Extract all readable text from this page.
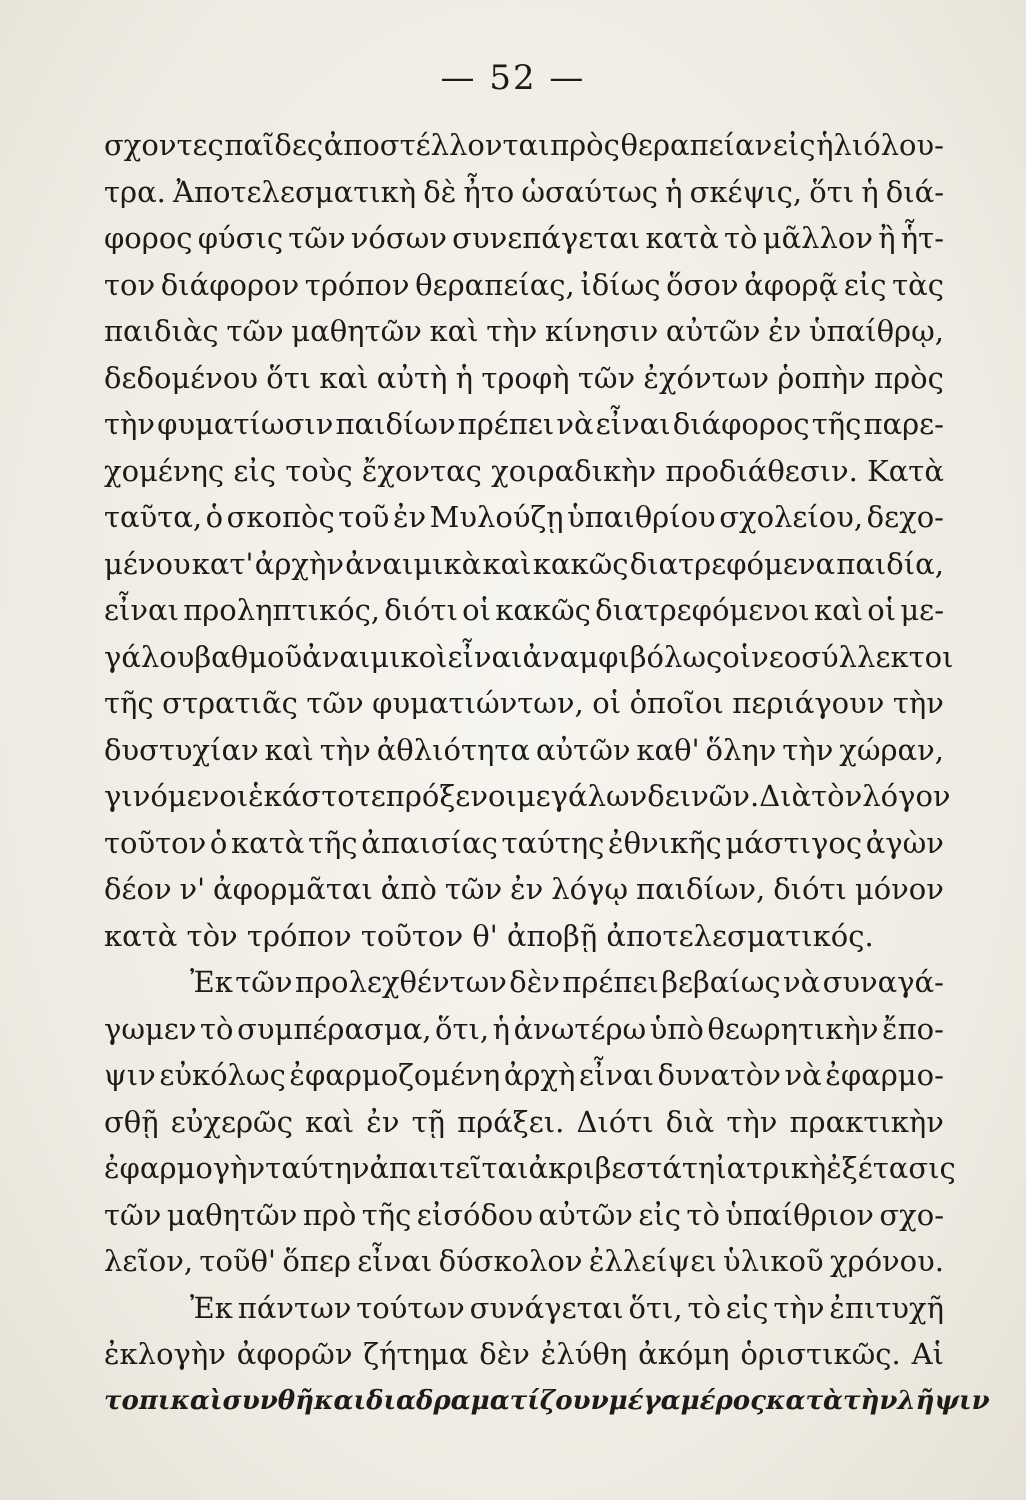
— 52 —
σχοντες παῖδες ἀποστέλλονται πρὸς θεραπείαν εἰς ἡλιόλου-
τρα. Ἀποτελεσματικὴ δὲ ἦτο ὡσαύτως ἡ σκέψις, ὅτι ἡ διά-
φορος φύσις τῶν νόσων συνεπάγεται κατὰ τὸ μᾶλλον ἢ ἧτ-
τον διάφορον τρόπον θεραπείας, ἰδίως ὅσον ἀφορᾷ εἰς τὰς
παιδιὰς τῶν μαθητῶν καὶ τὴν κίνησιν αὐτῶν ἐν ὑπαίθρῳ,
δεδομένου ὅτι καὶ αὐτὴ ἡ τροφὴ τῶν ἐχόντων ῥοπὴν πρὸς
τὴν φυματίωσιν παιδίων πρέπει νὰ εἶναι διάφορος τῆς παρε-
χομένης εἰς τοὺς ἔχοντας χοιραδικὴν προδιάθεσιν. Κατὰ
ταῦτα, ὁ σκοπὸς τοῦ ἐν Μυλούζῃ ὑπαιθρίου σχολείου, δεχο-
μένου κατ' ἀρχὴν ἀναιμικὰ καὶ κακῶς διατρεφόμενα παιδία,
εἶναι προληπτικός, διότι οἱ κακῶς διατρεφόμενοι καὶ οἱ με-
γάλου βαθμοῦ ἀναιμικοὶ εἶναι ἀναμφιβόλως οἱ νεοσύλλεκτοι
τῆς στρατιᾶς τῶν φυματιώντων, οἱ ὁποῖοι περιάγουν τὴν
δυστυχίαν καὶ τὴν ἀθλιότητα αὐτῶν καθ' ὅλην τὴν χώραν,
γινόμενοι ἑκάστοτε πρόξενοι μεγάλων δεινῶν. Διὰ τὸν λόγον
τοῦτον ὁ κατὰ τῆς ἀπαισίας ταύτης ἐθνικῆς μάστιγος ἀγὼν
δέον ν' ἀφορμᾶται ἀπὸ τῶν ἐν λόγῳ παιδίων, διότι μόνον
κατὰ τὸν τρόπον τοῦτον θ' ἀποβῇ ἀποτελεσματικός.
Ἐκ τῶν προλεχθέντων δὲν πρέπει βεβαίως νὰ συναγά-
γωμεν τὸ συμπέρασμα, ὅτι, ἡ ἀνωτέρω ὑπὸ θεωρητικὴν ἔπο-
ψιν εὐκόλως ἐφαρμοζομένη ἀρχὴ εἶναι δυνατὸν νὰ ἐφαρμο-
σθῇ εὐχερῶς καὶ ἐν τῇ πράξει. Διότι διὰ τὴν πρακτικὴν
ἐφαρμογὴν ταύτην ἀπαιτεῖται ἀκριβεστάτη ἰατρικὴ ἐξέτασις
τῶν μαθητῶν πρὸ τῆς εἰσόδου αὐτῶν εἰς τὸ ὑπαίθριον σχο-
λεῖον, τοῦθ' ὅπερ εἶναι δύσκολον ἐλλείψει ὑλικοῦ χρόνου.
Ἐκ πάντων τούτων συνάγεται ὅτι, τὸ εἰς τὴν ἐπιτυχῆ
ἐκλογὴν ἀφορῶν ζήτημα δὲν ἐλύθη ἀκόμη ὁριστικῶς. Αἱ
τοπικαὶ συνθῆκαι διαδραματίζουν μέγα μέρος κατὰ τὴν λῆψιν
